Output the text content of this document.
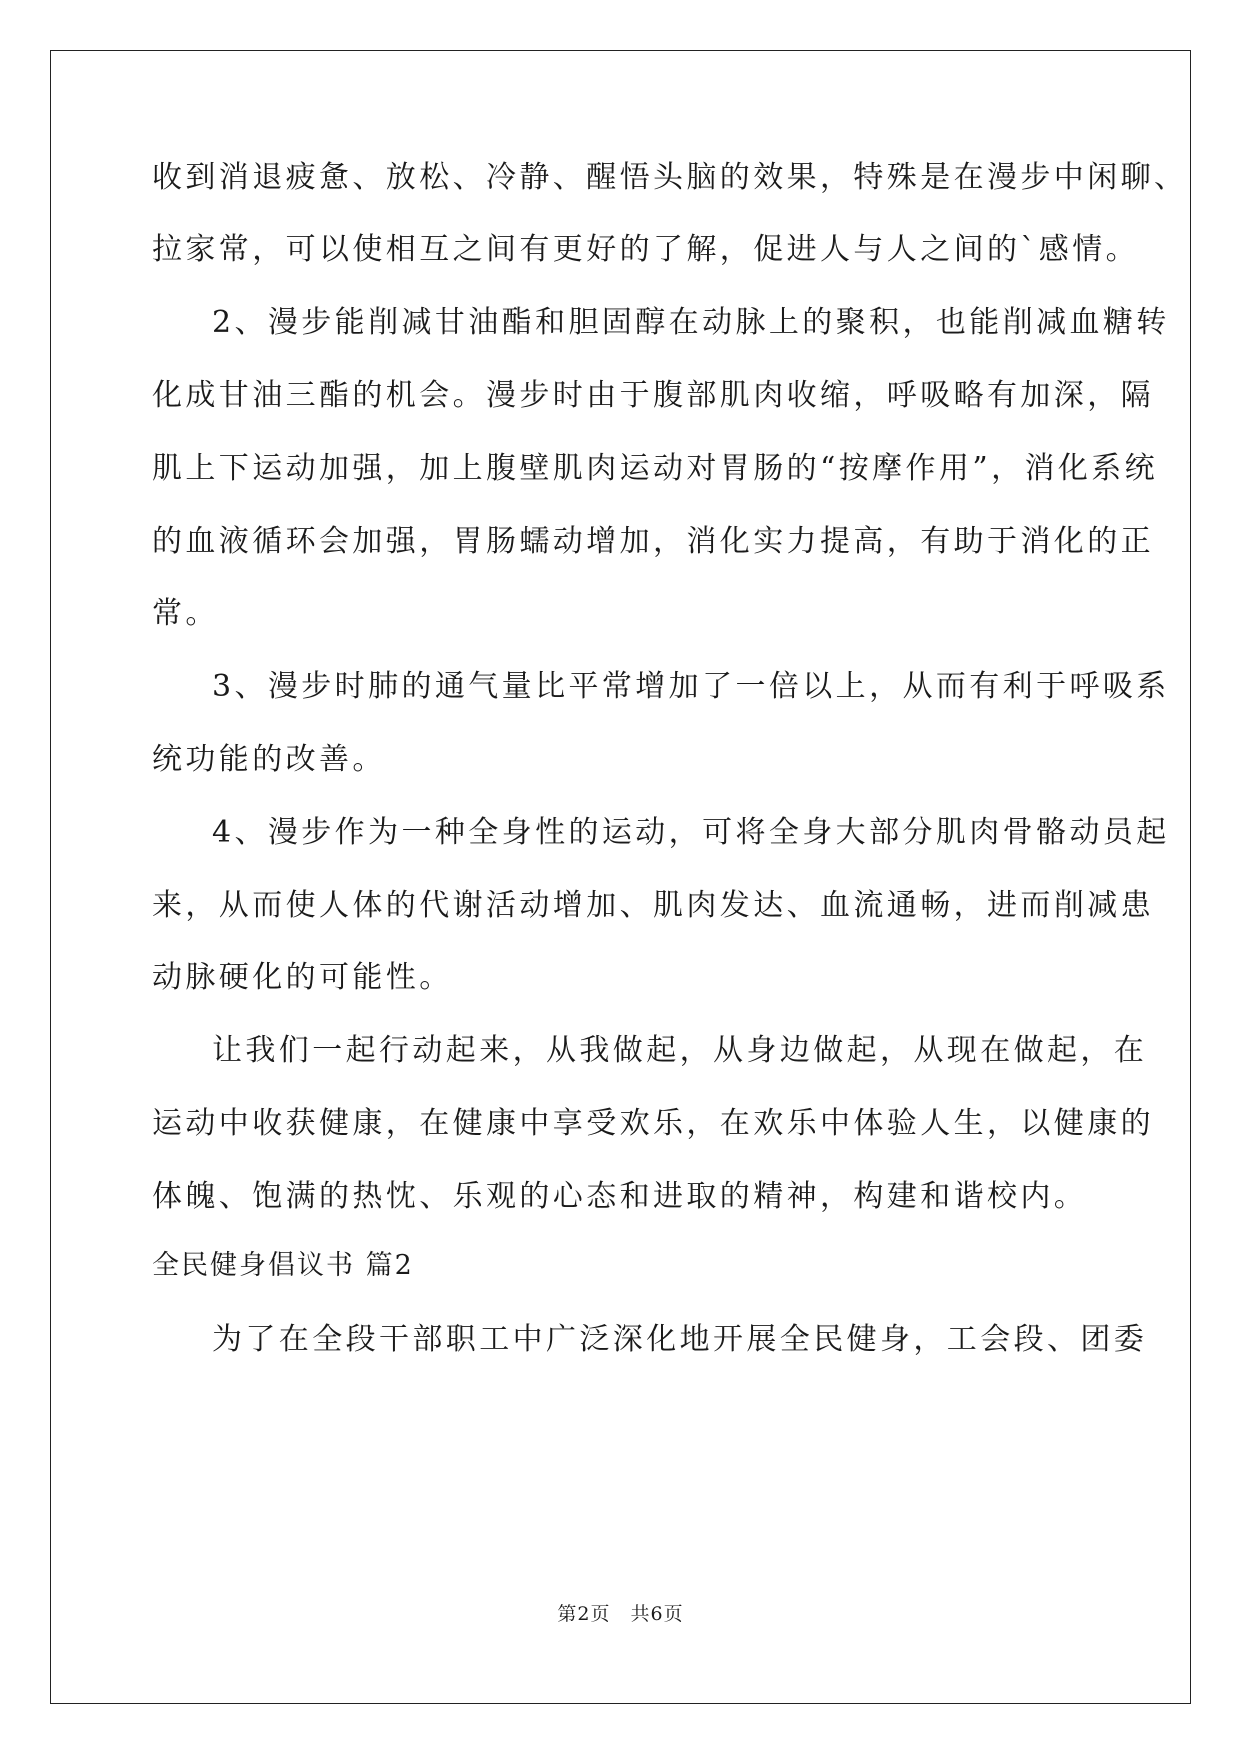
收到消退疲惫、放松、冷静、醒悟头脑的效果，特殊是在漫步中闲聊、
拉家常，可以使相互之间有更好的了解，促进人与人之间的`感情。
2、漫步能削减甘油酯和胆固醇在动脉上的聚积，也能削减血糖转
化成甘油三酯的机会。漫步时由于腹部肌肉收缩，呼吸略有加深，隔
肌上下运动加强，加上腹壁肌肉运动对胃肠的“按摩作用”，消化系统
的血液循环会加强，胃肠蠕动增加，消化实力提高，有助于消化的正
常。
3、漫步时肺的通气量比平常增加了一倍以上，从而有利于呼吸系
统功能的改善。
4、漫步作为一种全身性的运动，可将全身大部分肌肉骨骼动员起
来，从而使人体的代谢活动增加、肌肉发达、血流通畅，进而削减患
动脉硬化的可能性。
让我们一起行动起来，从我做起，从身边做起，从现在做起，在
运动中收获健康，在健康中享受欢乐，在欢乐中体验人生，以健康的
体魄、饱满的热忱、乐观的心态和进取的精神，构建和谐校内。
全民健身倡议书 篇2
为了在全段干部职工中广泛深化地开展全民健身，工会段、团委
第2页　共6页
